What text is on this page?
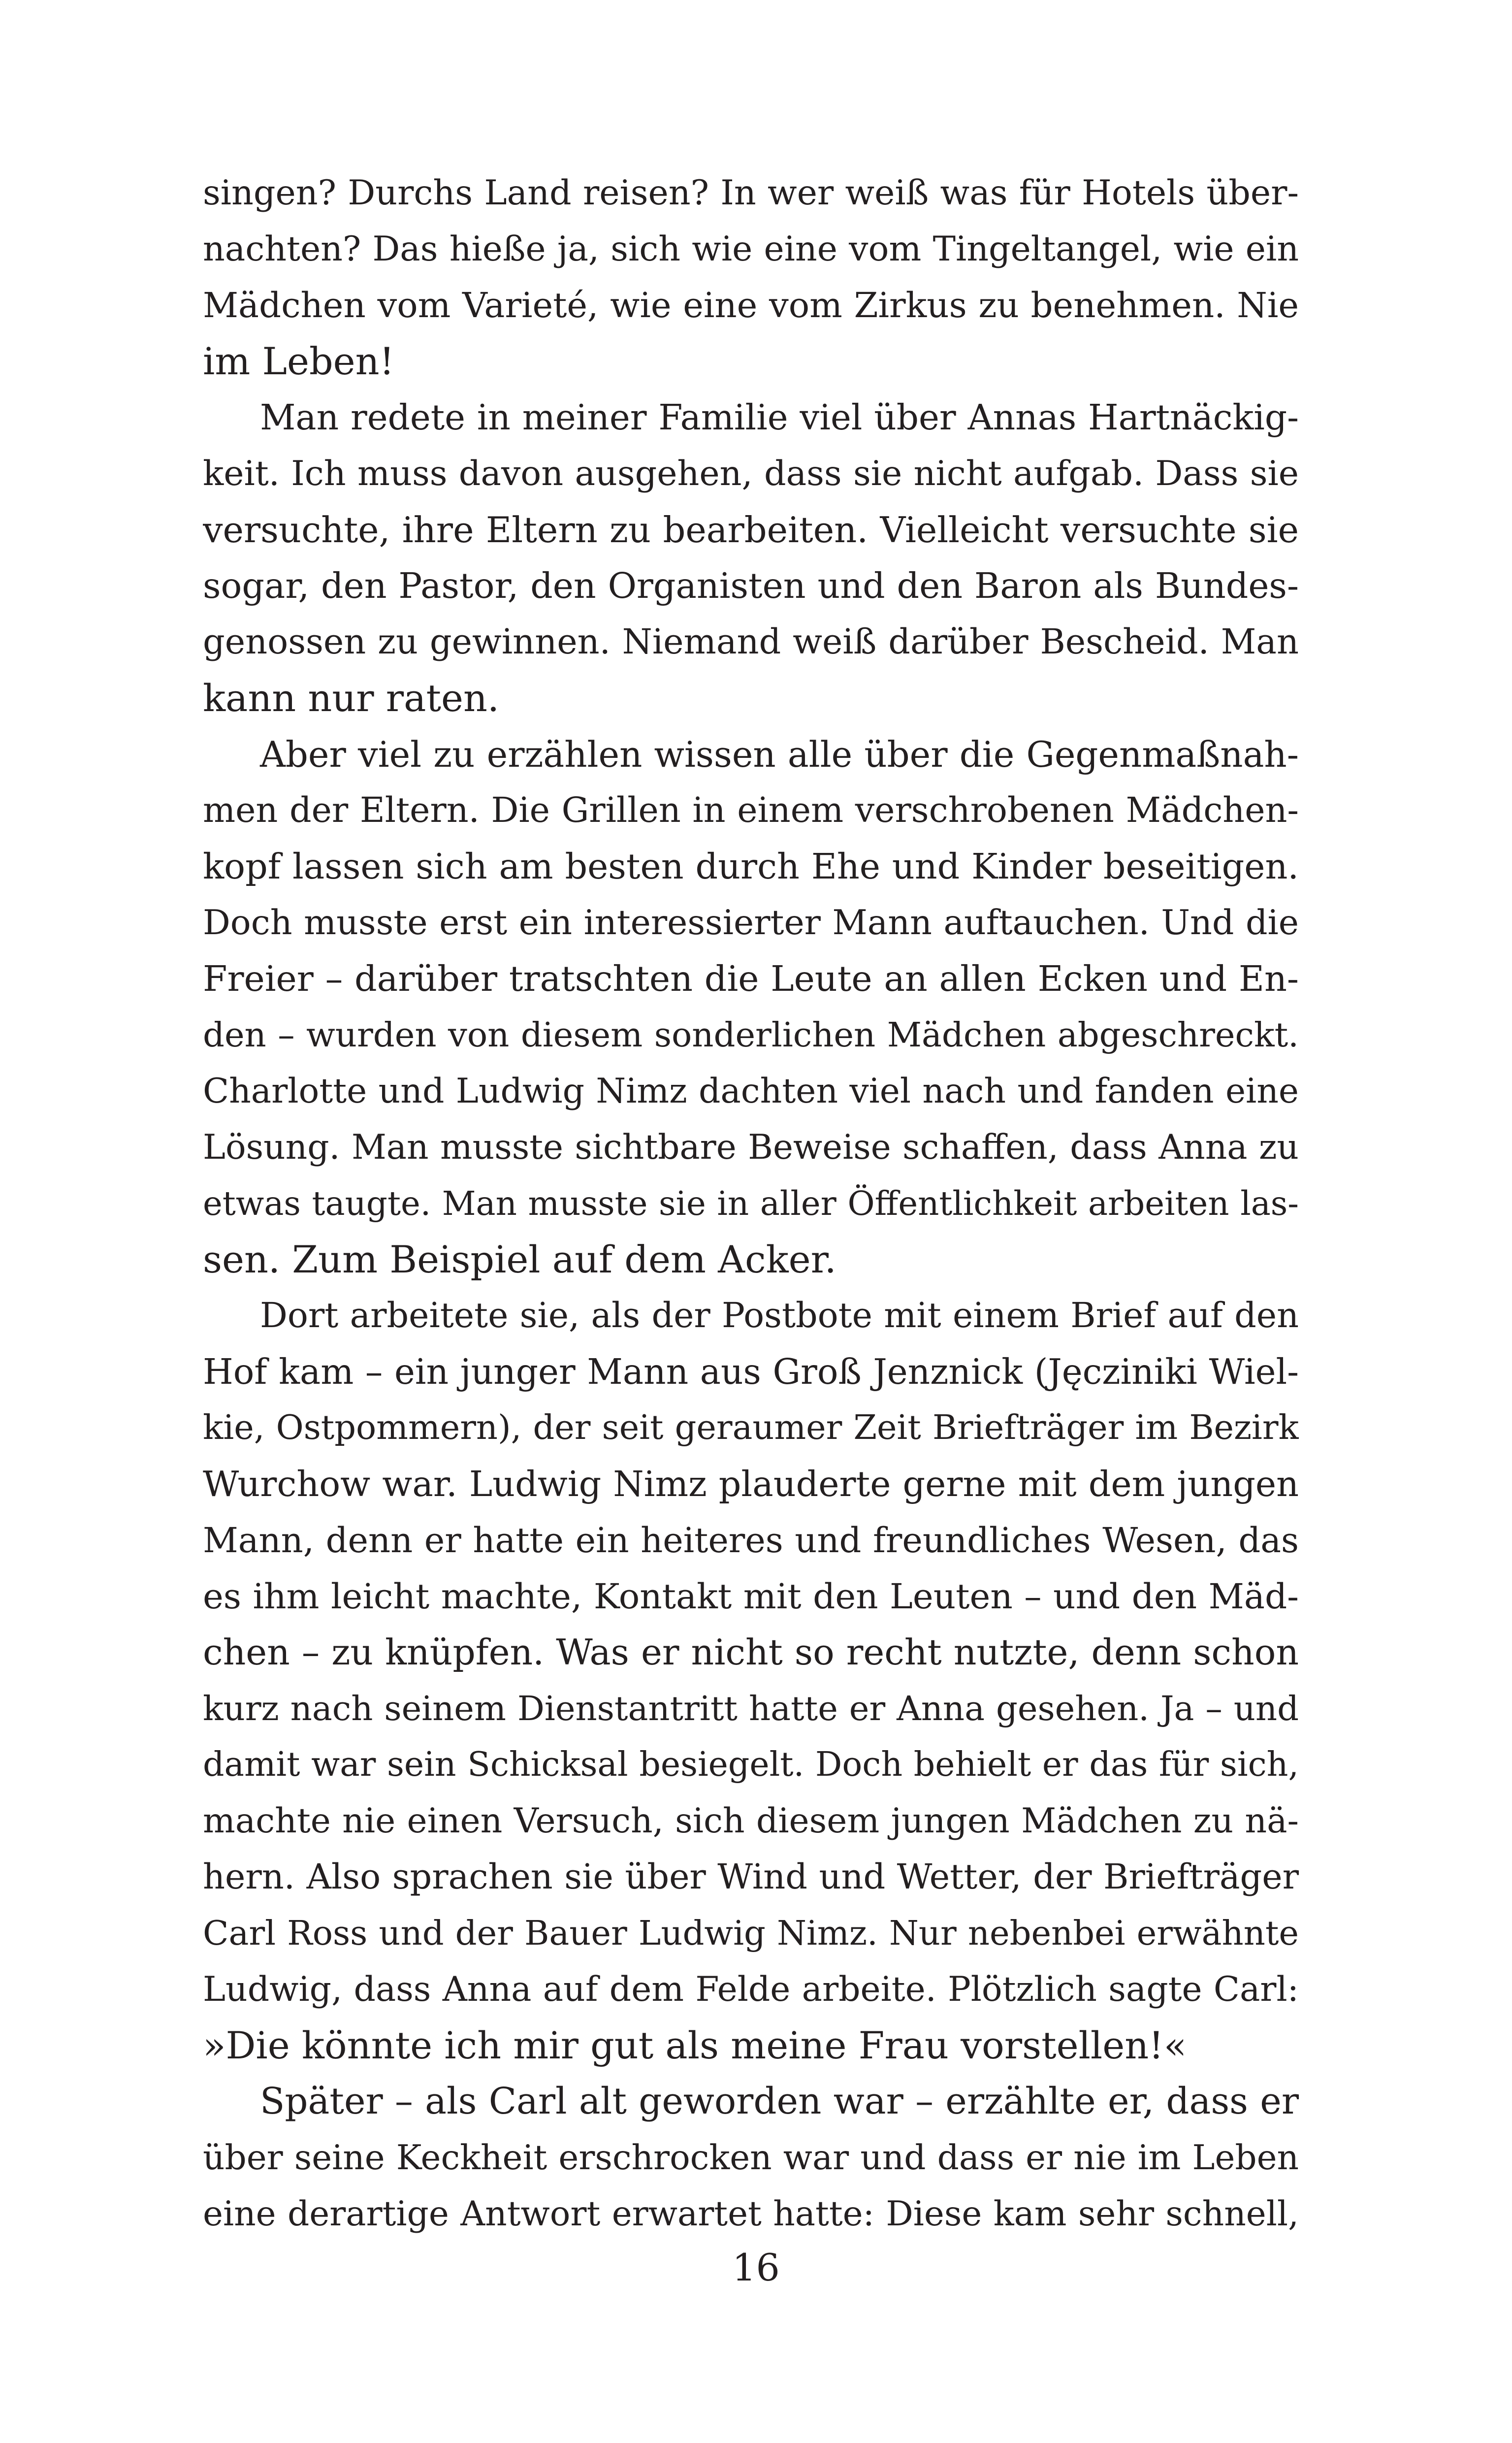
singen? Durchs Land reisen? In wer weiß was für Hotels über-
nachten? Das hieße ja, sich wie eine vom Tingeltangel, wie ein
Mädchen vom Varieté, wie eine vom Zirkus zu benehmen. Nie
im Leben!
Man redete in meiner Familie viel über Annas Hartnäckig-
keit. Ich muss davon ausgehen, dass sie nicht aufgab. Dass sie
versuchte, ihre Eltern zu bearbeiten. Vielleicht versuchte sie
sogar, den Pastor, den Organisten und den Baron als Bundes-
genossen zu gewinnen. Niemand weiß darüber Bescheid. Man
kann nur raten.
Aber viel zu erzählen wissen alle über die Gegenmaßnah-
men der Eltern. Die Grillen in einem verschrobenen Mädchen-
kopf lassen sich am besten durch Ehe und Kinder beseitigen.
Doch musste erst ein interessierter Mann auftauchen. Und die
Freier – darüber tratschten die Leute an allen Ecken und En-
den – wurden von diesem sonderlichen Mädchen abgeschreckt.
Charlotte und Ludwig Nimz dachten viel nach und fanden eine
Lösung. Man musste sichtbare Beweise schaffen, dass Anna zu
etwas taugte. Man musste sie in aller Öffentlichkeit arbeiten las-
sen. Zum Beispiel auf dem Acker.
Dort arbeitete sie, als der Postbote mit einem Brief auf den
Hof kam – ein junger Mann aus Groß Jenznick (Jęcziniki Wiel-
kie, Ostpommern), der seit geraumer Zeit Briefträger im Bezirk
Wurchow war. Ludwig Nimz plauderte gerne mit dem jungen
Mann, denn er hatte ein heiteres und freundliches Wesen, das
es ihm leicht machte, Kontakt mit den Leuten – und den Mäd-
chen – zu knüpfen. Was er nicht so recht nutzte, denn schon
kurz nach seinem Dienstantritt hatte er Anna gesehen. Ja – und
damit war sein Schicksal besiegelt. Doch behielt er das für sich,
machte nie einen Versuch, sich diesem jungen Mädchen zu nä-
hern. Also sprachen sie über Wind und Wetter, der Briefträger
Carl Ross und der Bauer Ludwig Nimz. Nur nebenbei erwähnte
Ludwig, dass Anna auf dem Felde arbeite. Plötzlich sagte Carl:
»Die könnte ich mir gut als meine Frau vorstellen!«
Später – als Carl alt geworden war – erzählte er, dass er
über seine Keckheit erschrocken war und dass er nie im Leben
eine derartige Antwort erwartet hatte: Diese kam sehr schnell,
16
